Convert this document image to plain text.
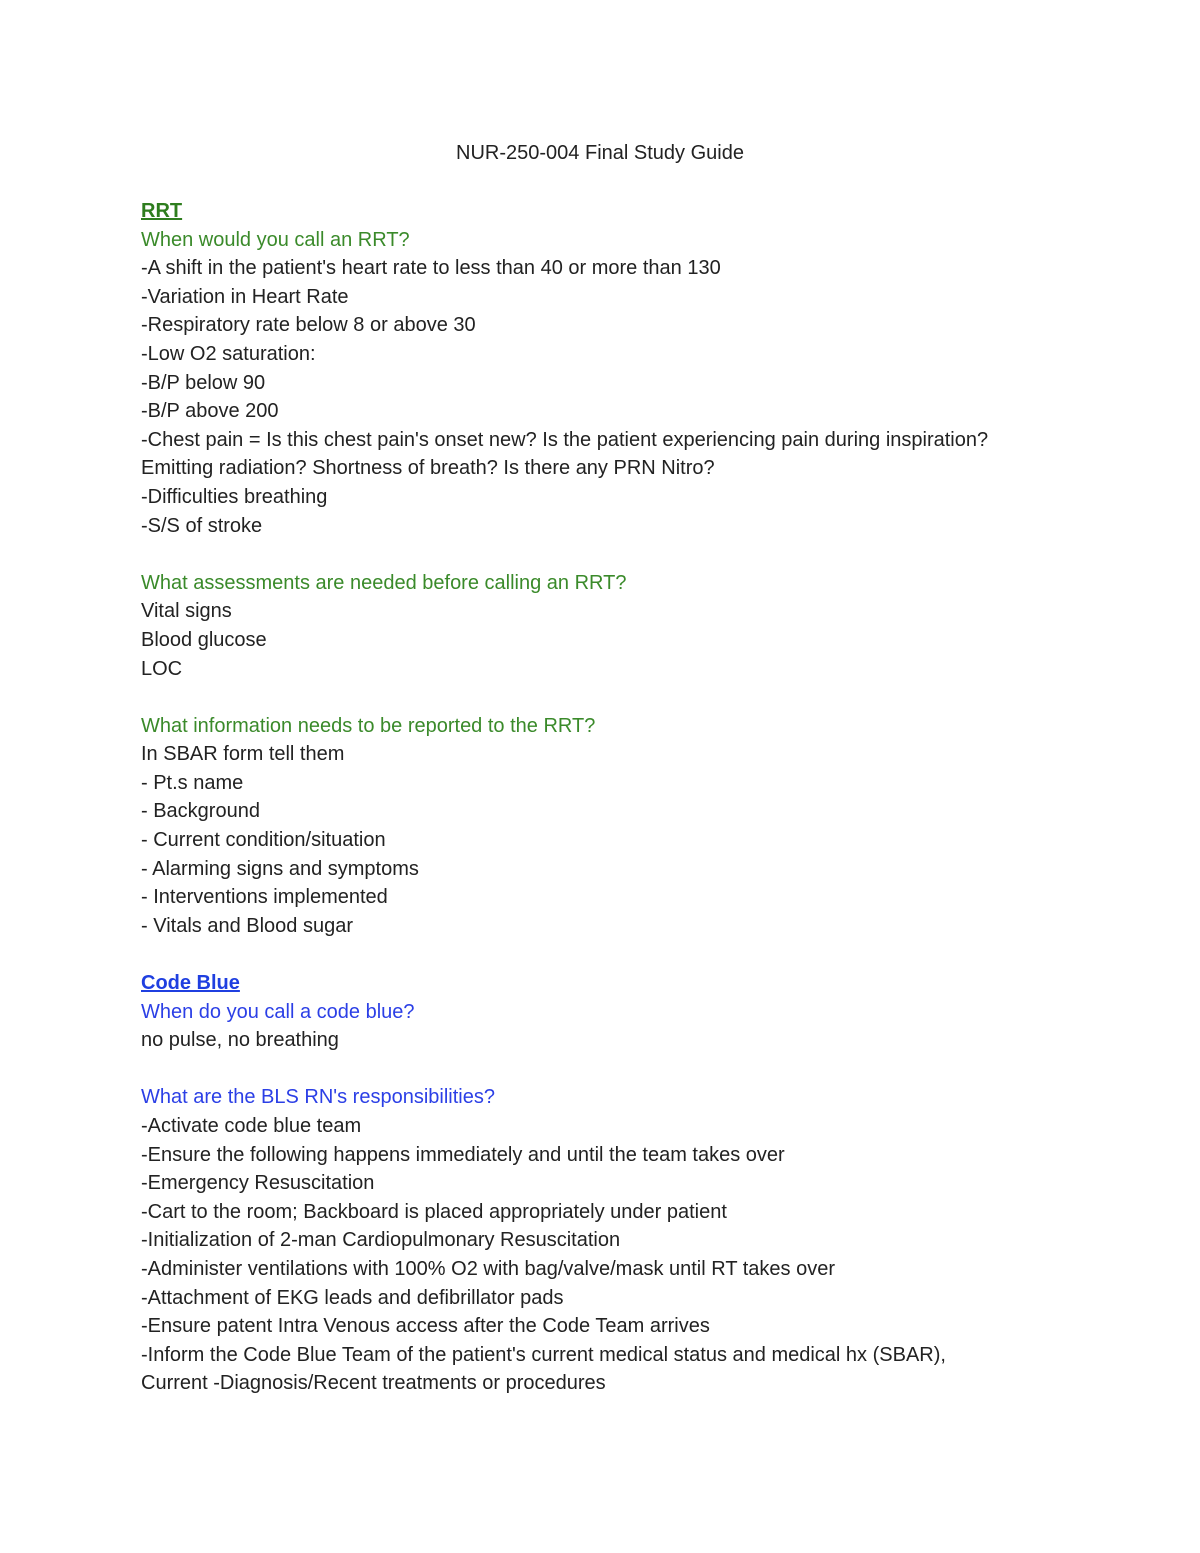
NUR-250-004 Final Study Guide

RRT

When would you call an RRT?

-A shift in the patient's heart rate to less than 40 or more than 130

-Variation in Heart Rate

-Respiratory rate below 8 or above 30

-Low O2 saturation:

-B/P below 90

-B/P above 200

-Chest pain = Is this chest pain's onset new? Is the patient experiencing pain during inspiration?

Emitting radiation? Shortness of breath? Is there any PRN Nitro?

-Difficulties breathing

-S/S of stroke

What assessments are needed before calling an RRT?

Vital signs

Blood glucose

LOC

What information needs to be reported to the RRT?

In SBAR form tell them

- Pt.s name

- Background

- Current condition/situation

- Alarming signs and symptoms

- Interventions implemented

- Vitals and Blood sugar

Code Blue

When do you call a code blue?

no pulse, no breathing

What are the BLS RN's responsibilities?

-Activate code blue team

-Ensure the following happens immediately and until the team takes over

-Emergency Resuscitation

-Cart to the room; Backboard is placed appropriately under patient

-Initialization of 2-man Cardiopulmonary Resuscitation

-Administer ventilations with 100% O2 with bag/valve/mask until RT takes over

-Attachment of EKG leads and defibrillator pads

-Ensure patent Intra Venous access after the Code Team arrives

-Inform the Code Blue Team of the patient's current medical status and medical hx (SBAR),

Current -Diagnosis/Recent treatments or procedures
